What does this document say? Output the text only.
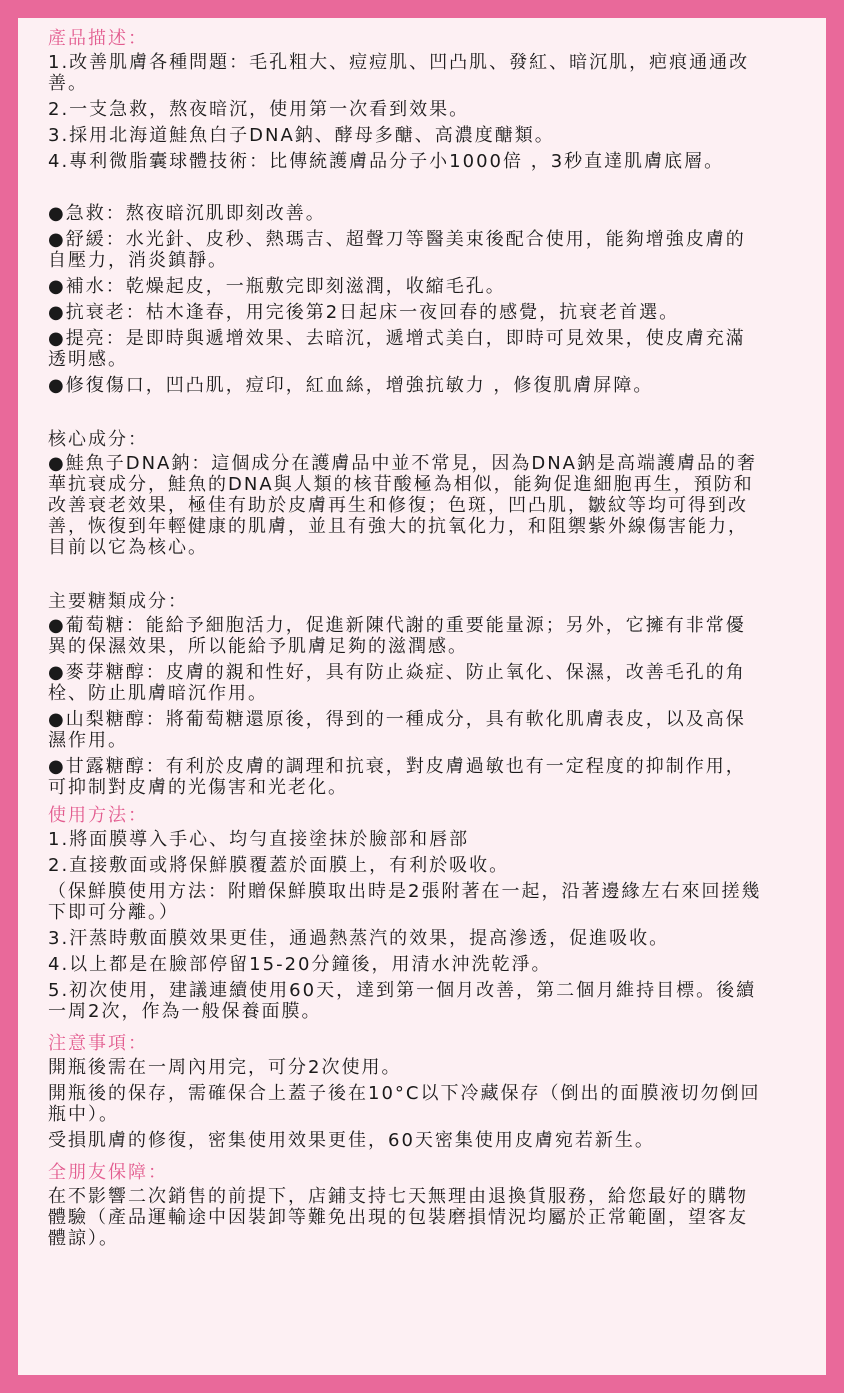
產品描述：

1.改善肌膚各種問題：毛孔粗大、痘痘肌、凹凸肌、發紅、暗沉肌，疤痕通通改
善。

2.一支急救，熬夜暗沉，使用第一次看到效果。

3.採用北海道鮭魚白子DNA鈉、酵母多醣、高濃度醣類。

4.專利微脂囊球體技術：比傳統護膚品分子小1000倍 ，3秒直達肌膚底層。

●急救：熬夜暗沉肌即刻改善。

●舒緩：水光針、皮秒、熱瑪吉、超聲刀等醫美束後配合使用，能夠增強皮膚的
自壓力，消炎鎮靜。

●補水：乾燥起皮，一瓶敷完即刻滋潤，收縮毛孔。

●抗衰老：枯木逢春，用完後第2日起床一夜回春的感覺，抗衰老首選。

●提亮：是即時與遞增效果、去暗沉，遞增式美白，即時可見效果，使皮膚充滿
透明感。

●修復傷口，凹凸肌，痘印，紅血絲，增強抗敏力 ，修復肌膚屏障。

核心成分：

●鮭魚子DNA鈉：這個成分在護膚品中並不常見，因為DNA鈉是高端護膚品的奢
華抗衰成分，鮭魚的DNA與人類的核苷酸極為相似，能夠促進細胞再生，預防和
改善衰老效果，極佳有助於皮膚再生和修復；色斑，凹凸肌，皺紋等均可得到改
善，恢復到年輕健康的肌膚，並且有強大的抗氧化力，和阻禦紫外線傷害能力，
目前以它為核心。

主要糖類成分：

●葡萄糖：能給予細胞活力，促進新陳代謝的重要能量源；另外，它擁有非常優
異的保濕效果，所以能給予肌膚足夠的滋潤感。

●麥芽糖醇：皮膚的親和性好，具有防止焱症、防止氧化、保濕，改善毛孔的角
栓、防止肌膚暗沉作用。

●山梨糖醇：將葡萄糖還原後，得到的一種成分，具有軟化肌膚表皮，以及高保
濕作用。

●甘露糖醇：有利於皮膚的調理和抗衰，對皮膚過敏也有一定程度的抑制作用，
可抑制對皮膚的光傷害和光老化。

使用方法：

1.將面膜導入手心、均勻直接塗抹於臉部和唇部

2.直接敷面或將保鮮膜覆蓋於面膜上，有利於吸收。

（保鮮膜使用方法：附贈保鮮膜取出時是2張附著在一起，沿著邊緣左右來回搓幾
下即可分離。）

3.汗蒸時敷面膜效果更佳，通過熱蒸汽的效果，提高滲透，促進吸收。

4.以上都是在臉部停留15-20分鐘後，用清水沖洗乾淨。

5.初次使用，建議連續使用60天，達到第一個月改善，第二個月維持目標。後續
一周2次，作為一般保養面膜。

注意事項：

開瓶後需在一周內用完，可分2次使用。

開瓶後的保存，需確保合上蓋子後在10°C以下冷藏保存（倒出的面膜液切勿倒回
瓶中）。

受損肌膚的修復，密集使用效果更佳，60天密集使用皮膚宛若新生。

全朋友保障：

在不影響二次銷售的前提下，店鋪支持七天無理由退換貨服務，給您最好的購物
體驗（產品運輸途中因裝卸等難免出現的包裝磨損情況均屬於正常範圍，望客友
體諒）。
